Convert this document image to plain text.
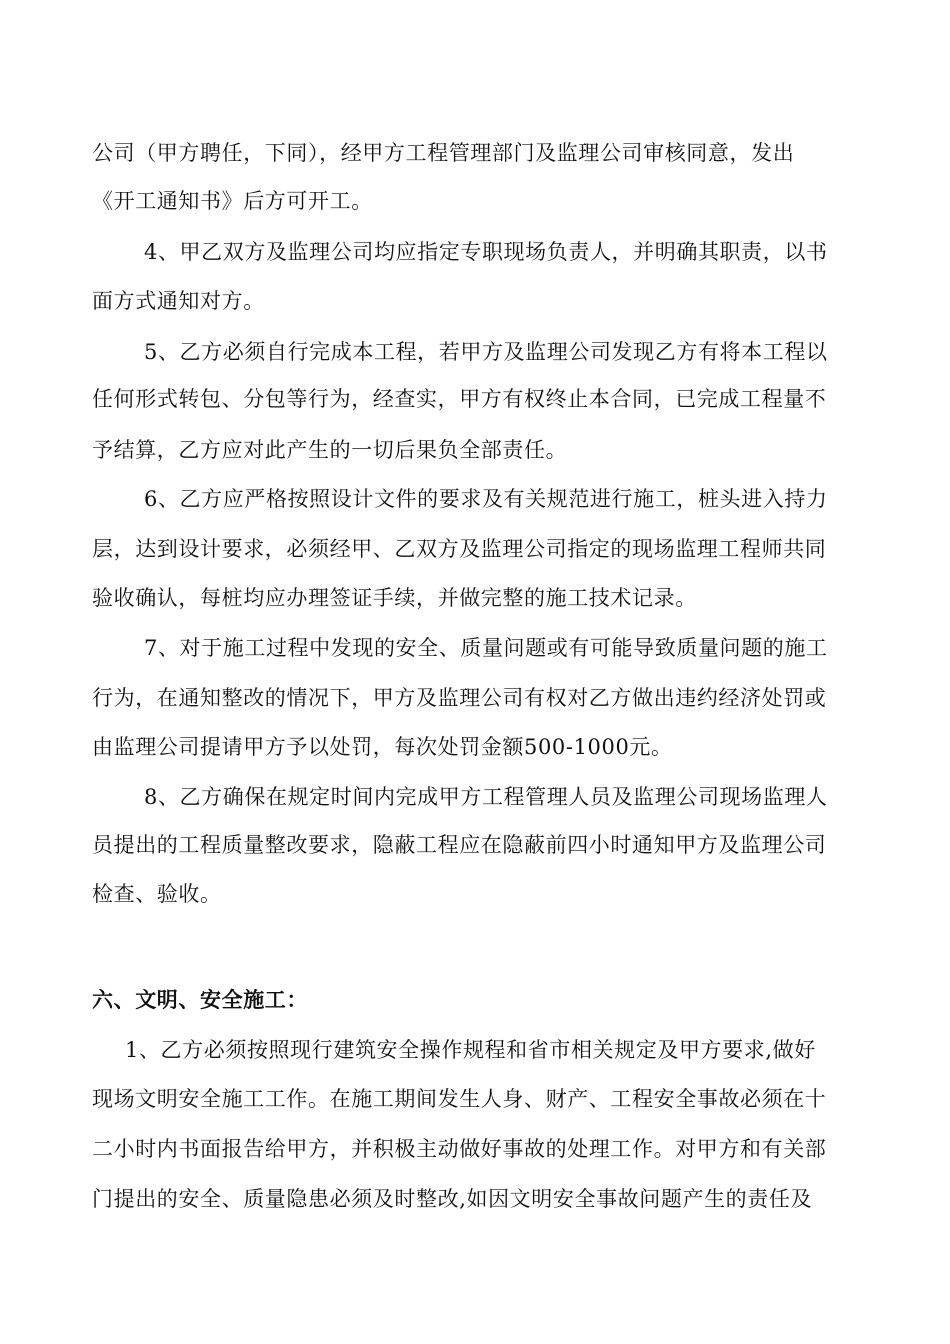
公司（甲方聘任，下同），经甲方工程管理部门及监理公司审核同意，发出
《开工通知书》后方可开工。
4、甲乙双方及监理公司均应指定专职现场负责人，并明确其职责，以书
面方式通知对方。
5、乙方必须自行完成本工程，若甲方及监理公司发现乙方有将本工程以
任何形式转包、分包等行为，经查实，甲方有权终止本合同，已完成工程量不
予结算，乙方应对此产生的一切后果负全部责任。
6、乙方应严格按照设计文件的要求及有关规范进行施工，桩头进入持力
层，达到设计要求，必须经甲、乙双方及监理公司指定的现场监理工程师共同
验收确认，每桩均应办理签证手续，并做完整的施工技术记录。
7、对于施工过程中发现的安全、质量问题或有可能导致质量问题的施工
行为，在通知整改的情况下，甲方及监理公司有权对乙方做出违约经济处罚或
由监理公司提请甲方予以处罚，每次处罚金额500-1000元。
8、乙方确保在规定时间内完成甲方工程管理人员及监理公司现场监理人
员提出的工程质量整改要求，隐蔽工程应在隐蔽前四小时通知甲方及监理公司
检查、验收。
六、文明、安全施工：
1、乙方必须按照现行建筑安全操作规程和省市相关规定及甲方要求,做好
现场文明安全施工工作。在施工期间发生人身、财产、工程安全事故必须在十
二小时内书面报告给甲方，并积极主动做好事故的处理工作。对甲方和有关部
门提出的安全、质量隐患必须及时整改,如因文明安全事故问题产生的责任及
